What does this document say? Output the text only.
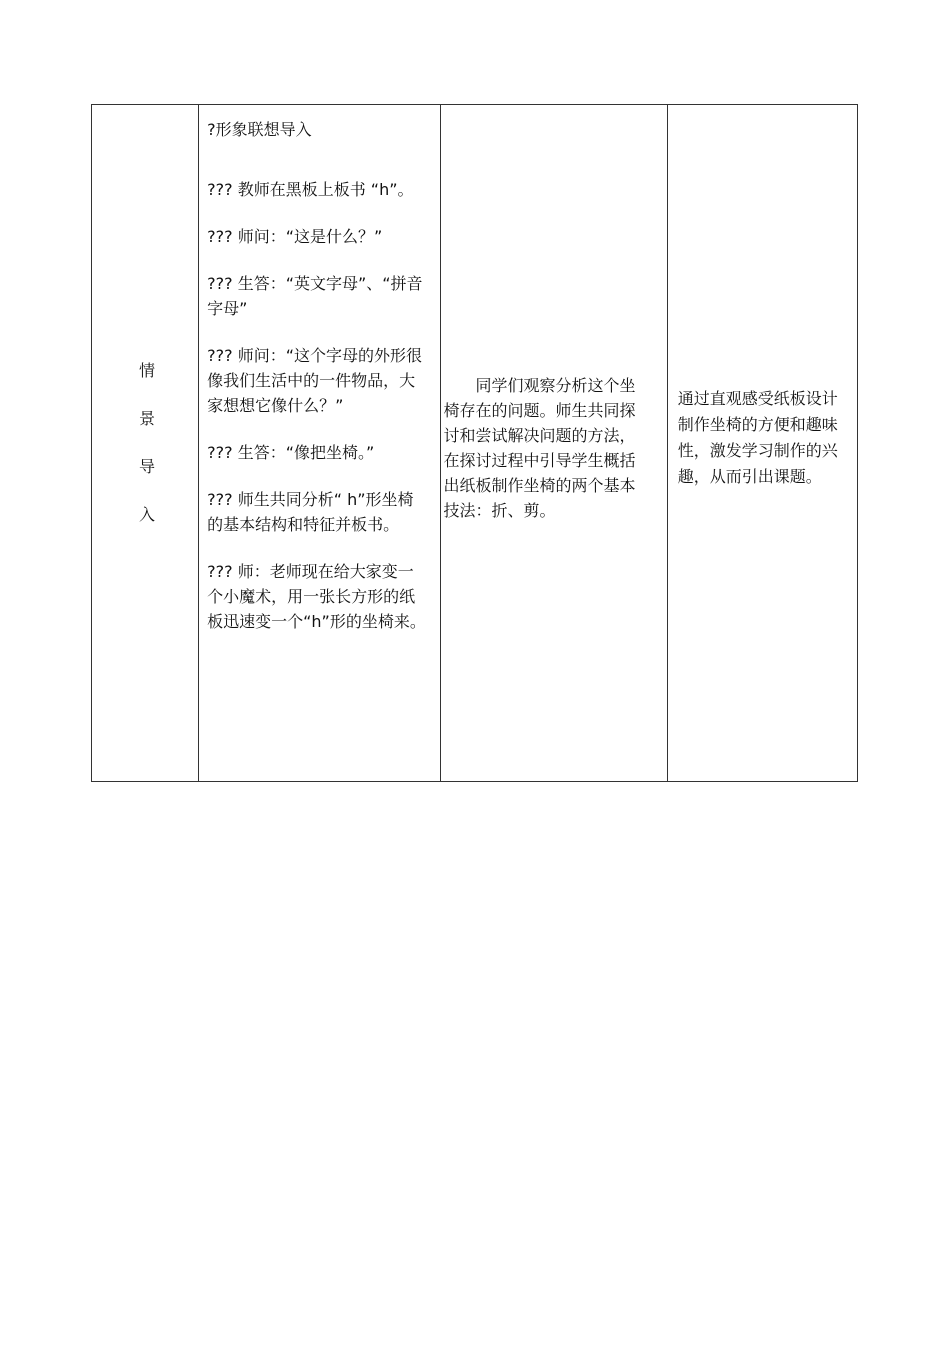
情
景
导
入

?形象联想导入
??? 教师在黑板上板书 “h”。
??? 师问：“这是什么？”
??? 生答：“英文字母”、“拼音字母”
??? 师问：“这个字母的外形很像我们生活中的一件物品，大家想想它像什么？”
??? 生答：“像把坐椅。”
??? 师生共同分析“ h”形坐椅的基本结构和特征并板书。
??? 师：老师现在给大家变一个小魔术，用一张长方形的纸板迅速变一个“h”形的坐椅来。

同学们观察分析这个坐椅存在的问题。师生共同探讨和尝试解决问题的方法，在探讨过程中引导学生概括出纸板制作坐椅的两个基本技法：折、剪。

通过直观感受纸板设计制作坐椅的方便和趣味性，激发学习制作的兴趣，从而引出课题。
